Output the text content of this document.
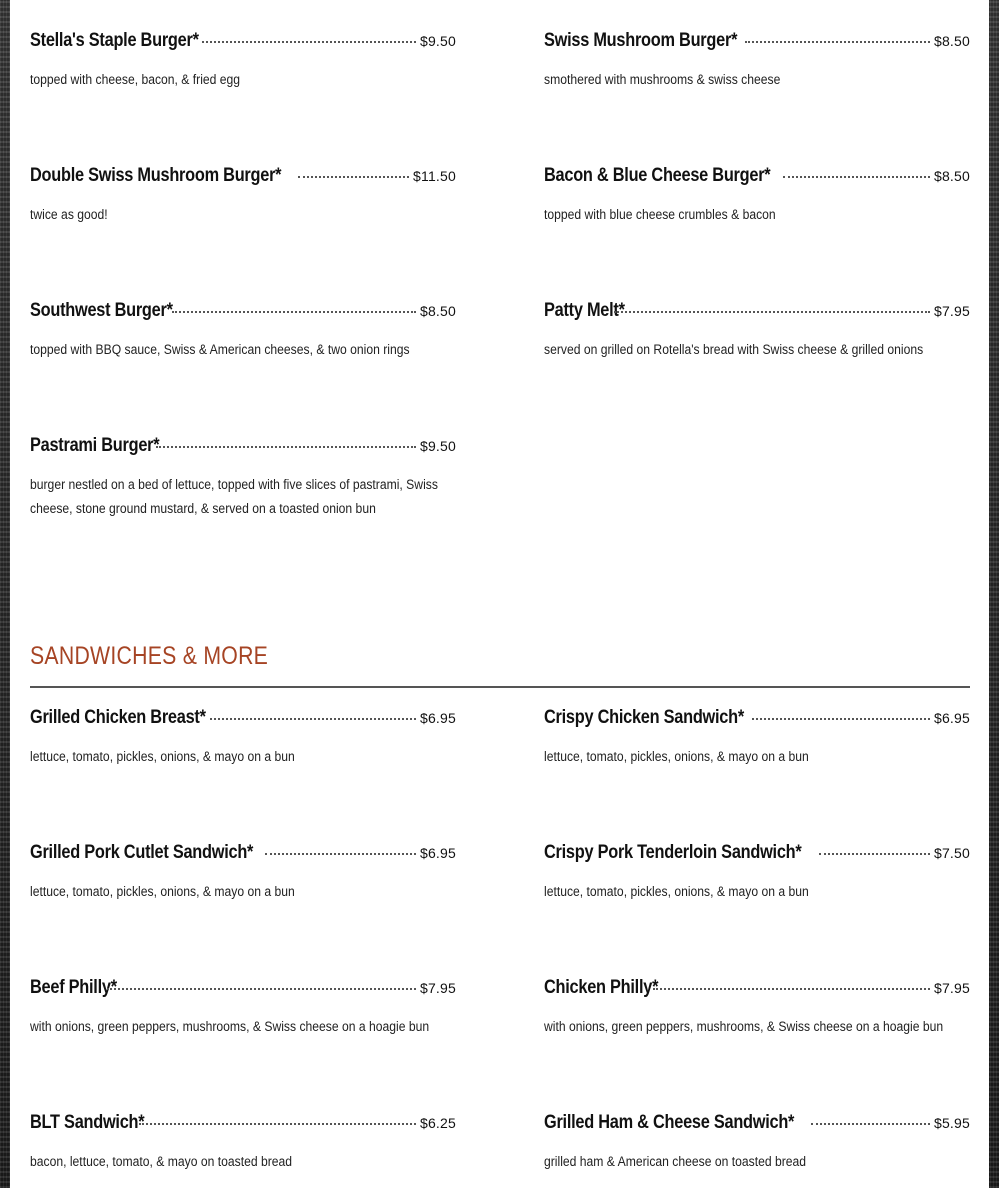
Stella's Staple Burger*	$9.50
topped with cheese, bacon, & fried egg
Swiss Mushroom Burger*	$8.50
smothered with mushrooms & swiss cheese
Double Swiss Mushroom Burger*	$11.50
twice as good!
Bacon & Blue Cheese Burger*	$8.50
topped with blue cheese crumbles & bacon
Southwest Burger*	$8.50
topped with BBQ sauce, Swiss & American cheeses, & two onion rings
Patty Melt*	$7.95
served on grilled on Rotella's bread with Swiss cheese & grilled onions
Pastrami Burger*	$9.50
burger nestled on a bed of lettuce, topped with five slices of pastrami, Swiss cheese, stone ground mustard, & served on a toasted onion bun
SANDWICHES & MORE
Grilled Chicken Breast*	$6.95
lettuce, tomato, pickles, onions, & mayo on a bun
Crispy Chicken Sandwich*	$6.95
lettuce, tomato, pickles, onions, & mayo on a bun
Grilled Pork Cutlet Sandwich*	$6.95
lettuce, tomato, pickles, onions, & mayo on a bun
Crispy Pork Tenderloin Sandwich*	$7.50
lettuce, tomato, pickles, onions, & mayo on a bun
Beef Philly*	$7.95
with onions, green peppers, mushrooms, & Swiss cheese on a hoagie bun
Chicken Philly*	$7.95
with onions, green peppers, mushrooms, & Swiss cheese on a hoagie bun
BLT Sandwich*	$6.25
bacon, lettuce, tomato, & mayo on toasted bread
Grilled Ham & Cheese Sandwich*	$5.95
grilled ham & American cheese on toasted bread
